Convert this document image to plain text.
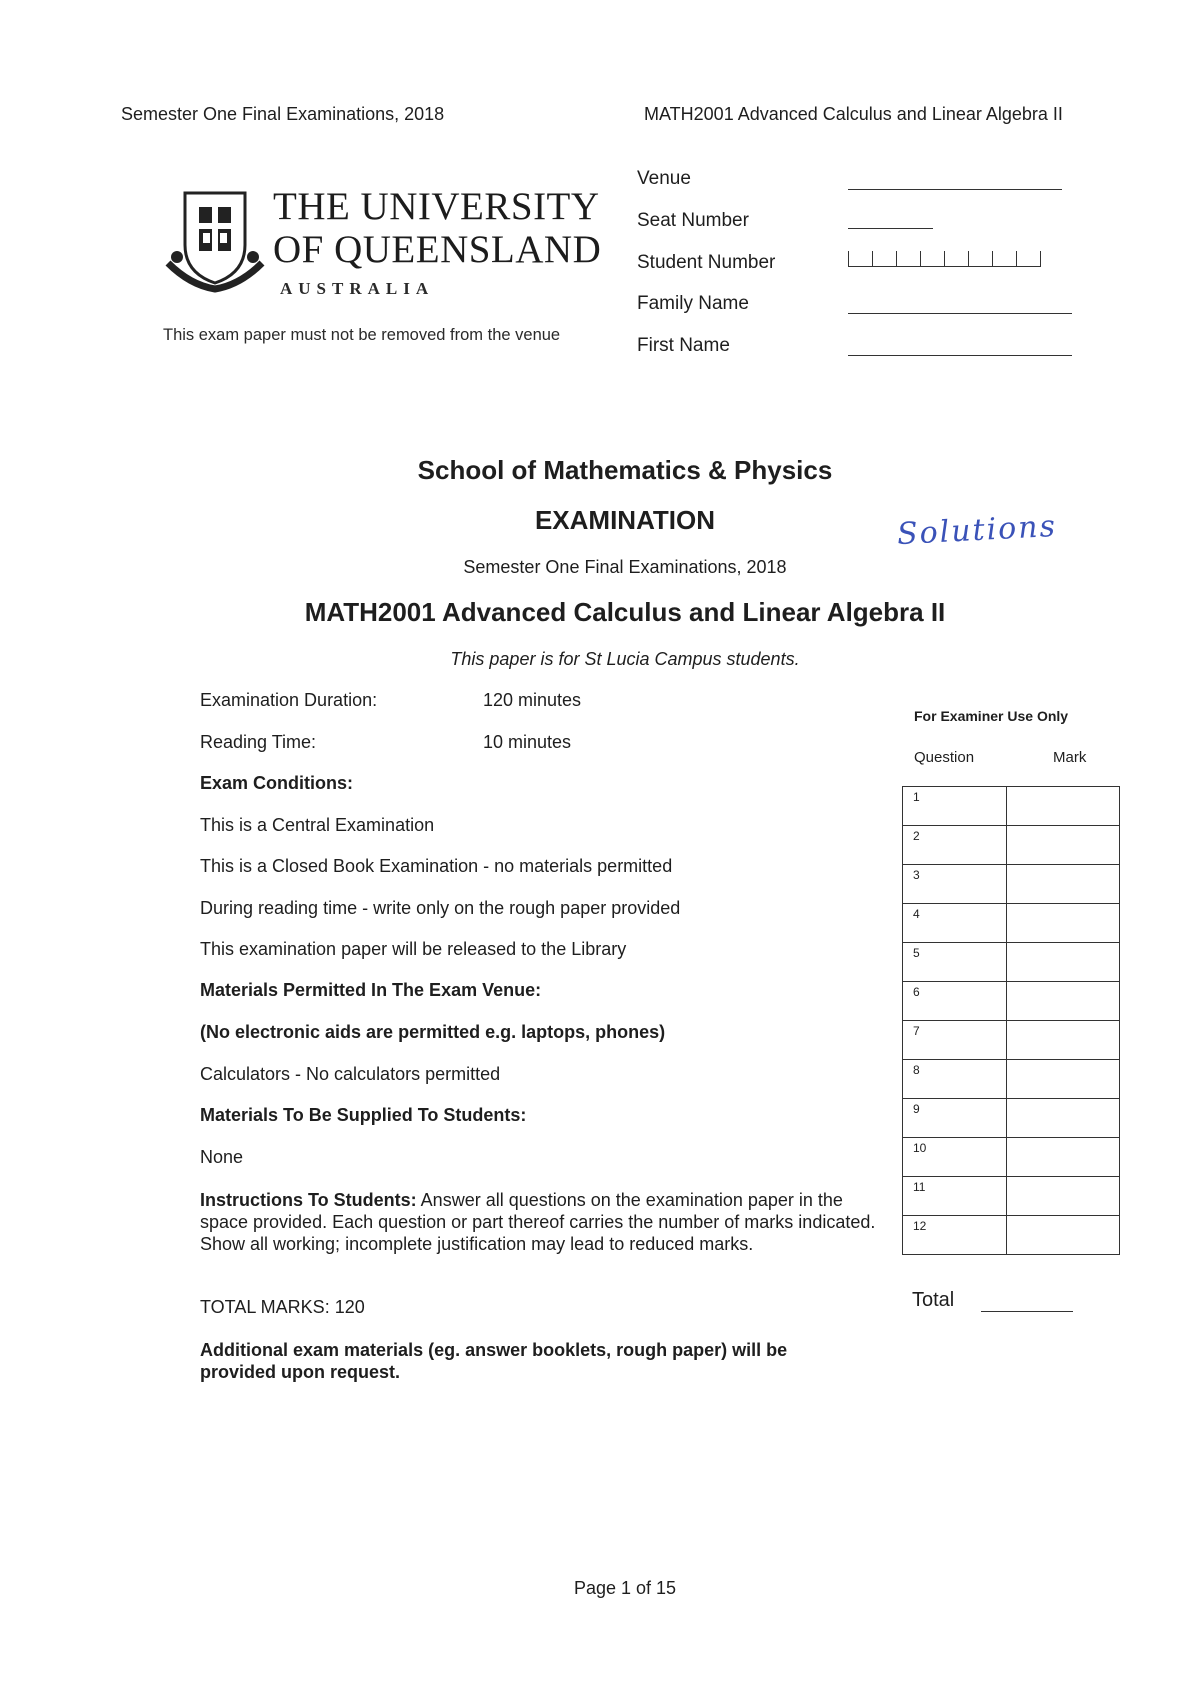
Semester One Final Examinations, 2018	MATH2001 Advanced Calculus and Linear Algebra II
THE UNIVERSITY
OF QUEENSLAND
AUSTRALIA
This exam paper must not be removed from the venue
Venue
Seat Number
Student Number
Family Name
First Name
School of Mathematics & Physics
EXAMINATION	Solutions
Semester One Final Examinations, 2018
MATH2001 Advanced Calculus and Linear Algebra II
This paper is for St Lucia Campus students.
Examination Duration:	120 minutes
Reading Time:	10 minutes
Exam Conditions:
This is a Central Examination
This is a Closed Book Examination - no materials permitted
During reading time - write only on the rough paper provided
This examination paper will be released to the Library
Materials Permitted In The Exam Venue:
(No electronic aids are permitted e.g. laptops, phones)
Calculators - No calculators permitted
Materials To Be Supplied To Students:
None
Instructions To Students: Answer all questions on the examination paper in the space provided. Each question or part thereof carries the number of marks indicated. Show all working; incomplete justification may lead to reduced marks.
TOTAL MARKS: 120
Additional exam materials (eg. answer booklets, rough paper) will be provided upon request.
For Examiner Use Only
Question	Mark
1	
2	
3	
4	
5	
6	
7	
8	
9	
10	
11	
12	
Total
Page 1 of 15
